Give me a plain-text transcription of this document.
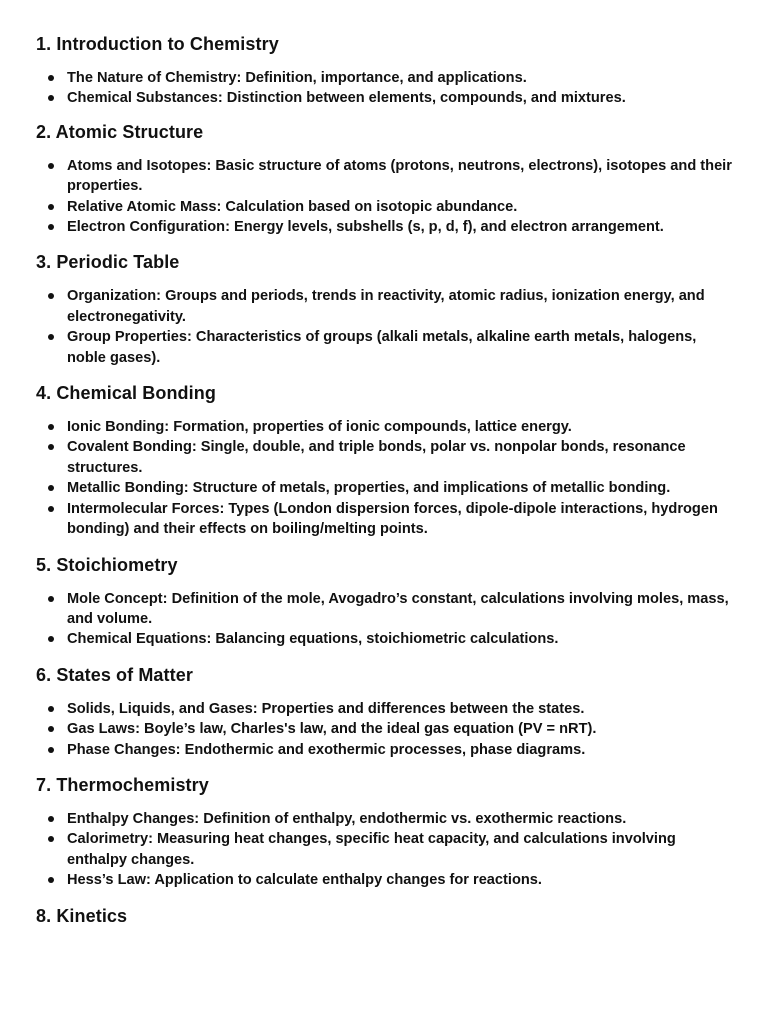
1. Introduction to Chemistry
The Nature of Chemistry: Definition, importance, and applications.
Chemical Substances: Distinction between elements, compounds, and mixtures.
2. Atomic Structure
Atoms and Isotopes: Basic structure of atoms (protons, neutrons, electrons), isotopes and their properties.
Relative Atomic Mass: Calculation based on isotopic abundance.
Electron Configuration: Energy levels, subshells (s, p, d, f), and electron arrangement.
3. Periodic Table
Organization: Groups and periods, trends in reactivity, atomic radius, ionization energy, and electronegativity.
Group Properties: Characteristics of groups (alkali metals, alkaline earth metals, halogens, noble gases).
4. Chemical Bonding
Ionic Bonding: Formation, properties of ionic compounds, lattice energy.
Covalent Bonding: Single, double, and triple bonds, polar vs. nonpolar bonds, resonance structures.
Metallic Bonding: Structure of metals, properties, and implications of metallic bonding.
Intermolecular Forces: Types (London dispersion forces, dipole-dipole interactions, hydrogen bonding) and their effects on boiling/melting points.
5. Stoichiometry
Mole Concept: Definition of the mole, Avogadro’s constant, calculations involving moles, mass, and volume.
Chemical Equations: Balancing equations, stoichiometric calculations.
6. States of Matter
Solids, Liquids, and Gases: Properties and differences between the states.
Gas Laws: Boyle’s law, Charles's law, and the ideal gas equation (PV = nRT).
Phase Changes: Endothermic and exothermic processes, phase diagrams.
7. Thermochemistry
Enthalpy Changes: Definition of enthalpy, endothermic vs. exothermic reactions.
Calorimetry: Measuring heat changes, specific heat capacity, and calculations involving enthalpy changes.
Hess’s Law: Application to calculate enthalpy changes for reactions.
8. Kinetics
